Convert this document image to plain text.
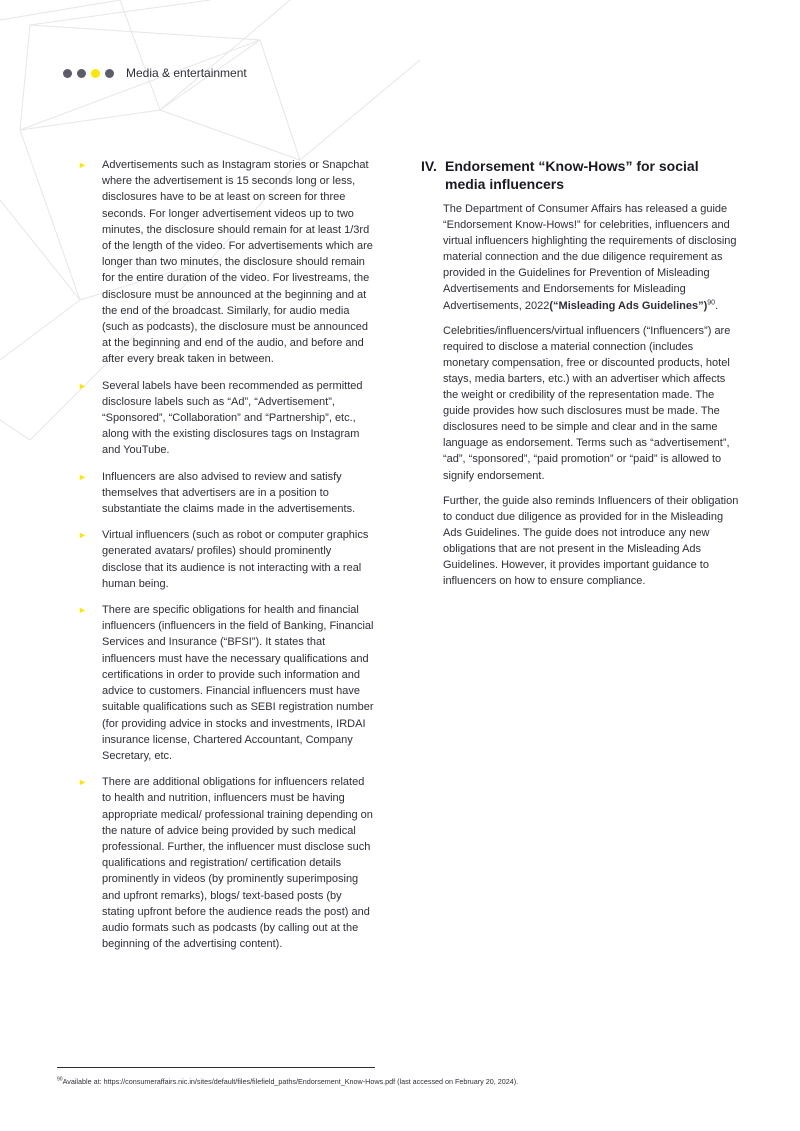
Media & entertainment
►	Advertisements such as Instagram stories or Snapchat where the advertisement is 15 seconds long or less, disclosures have to be at least on screen for three seconds. For longer advertisement videos up to two minutes, the disclosure should remain for at least 1/3rd of the length of the video. For advertisements which are longer than two minutes, the disclosure should remain for the entire duration of the video. For livestreams, the disclosure must be announced at the beginning and at the end of the broadcast. Similarly, for audio media (such as podcasts), the disclosure must be announced at the beginning and end of the audio, and before and after every break taken in between.
►	Several labels have been recommended as permitted disclosure labels such as “Ad”, “Advertisement”, “Sponsored”, “Collaboration” and “Partnership”, etc., along with the existing disclosures tags on Instagram and YouTube.
►	Influencers are also advised to review and satisfy themselves that advertisers are in a position to substantiate the claims made in the advertisements.
►	Virtual influencers (such as robot or computer graphics generated avatars/ profiles) should prominently disclose that its audience is not interacting with a real human being.
►	There are specific obligations for health and financial influencers (influencers in the field of Banking, Financial Services and Insurance (“BFSI”). It states that influencers must have the necessary qualifications and certifications in order to provide such information and advice to customers. Financial influencers must have suitable qualifications such as SEBI registration number (for providing advice in stocks and investments, IRDAI insurance license, Chartered Accountant, Company Secretary, etc.
►	There are additional obligations for influencers related to health and nutrition, influencers must be having appropriate medical/ professional training depending on the nature of advice being provided by such medical professional. Further, the influencer must disclose such qualifications and registration/ certification details prominently in videos (by prominently superimposing and upfront remarks), blogs/ text-based posts (by stating upfront before the audience reads the post) and audio formats such as podcasts (by calling out at the beginning of the advertising content).
IV. Endorsement “Know-Hows” for social media influencers

The Department of Consumer Affairs has released a guide “Endorsement Know-Hows!” for celebrities, influencers and virtual influencers highlighting the requirements of disclosing material connection and the due diligence requirement as provided in the Guidelines for Prevention of Misleading Advertisements and Endorsements for Misleading Advertisements, 2022(“Misleading Ads Guidelines”)$^{90}$.

Celebrities/influencers/virtual influencers (“Influencers”) are required to disclose a material connection (includes monetary compensation, free or discounted products, hotel stays, media barters, etc.) with an advertiser which affects the weight or credibility of the representation made. The guide provides how such disclosures must be made. The disclosures need to be simple and clear and in the same language as endorsement. Terms such as “advertisement”, “ad”, “sponsored”, “paid promotion” or “paid” is allowed to signify endorsement.

Further, the guide also reminds Influencers of their obligation to conduct due diligence as provided for in the Misleading Ads Guidelines. The guide does not introduce any new obligations that are not present in the Misleading Ads Guidelines. However, it provides important guidance to influencers on how to ensure compliance.

$^{90}$Available at: https://consumeraffairs.nic.in/sites/default/files/filefield_paths/Endorsement_Know-Hows.pdf (last accessed on February 20, 2024).
